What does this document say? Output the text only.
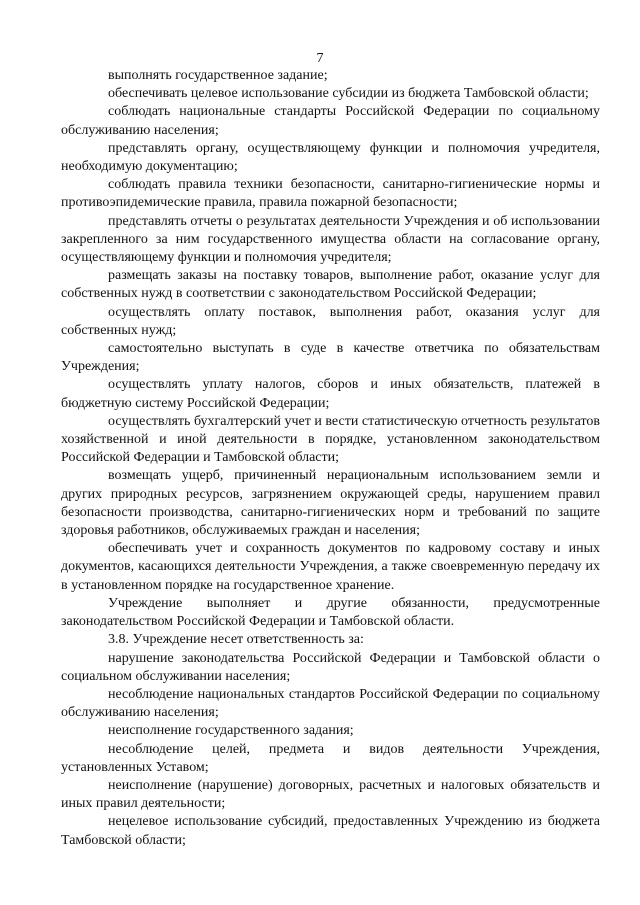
7

выполнять государственное задание;

обеспечивать целевое использование субсидии из бюджета Тамбовской области;

соблюдать национальные стандарты Российской Федерации по социальному обслуживанию населения;

представлять органу, осуществляющему функции и полномочия учредителя, необходимую документацию;

соблюдать правила техники безопасности, санитарно-гигиенические нормы и противоэпидемические правила, правила пожарной безопасности;

представлять отчеты о результатах деятельности Учреждения и об использовании закрепленного за ним государственного имущества области на согласование органу, осуществляющему функции и полномочия учредителя;

размещать заказы на поставку товаров, выполнение работ, оказание услуг для собственных нужд в соответствии с законодательством Российской Федерации;

осуществлять оплату поставок, выполнения работ, оказания услуг для собственных нужд;

самостоятельно выступать в суде в качестве ответчика по обязательствам Учреждения;

осуществлять уплату налогов, сборов и иных обязательств, платежей в бюджетную систему Российской Федерации;

осуществлять бухгалтерский учет и вести статистическую отчетность результатов хозяйственной и иной деятельности в порядке, установленном законодательством Российской Федерации и Тамбовской области;

возмещать ущерб, причиненный нерациональным использованием земли и других природных ресурсов, загрязнением окружающей среды, нарушением правил безопасности производства, санитарно-гигиенических норм и требований по защите здоровья работников, обслуживаемых граждан и населения;

обеспечивать учет и сохранность документов по кадровому составу и иных документов, касающихся деятельности Учреждения, а также своевременную передачу их в установленном порядке на государственное хранение.

Учреждение выполняет и другие обязанности, предусмотренные законодательством Российской Федерации и Тамбовской области.

3.8. Учреждение несет ответственность за:

нарушение законодательства Российской Федерации и Тамбовской области о социальном обслуживании населения;

несоблюдение национальных стандартов Российской Федерации по социальному обслуживанию населения;

неисполнение государственного задания;

несоблюдение целей, предмета и видов деятельности Учреждения, установленных Уставом;

неисполнение (нарушение) договорных, расчетных и налоговых обязательств и иных правил деятельности;

нецелевое использование субсидий, предоставленных Учреждению из бюджета Тамбовской области;
